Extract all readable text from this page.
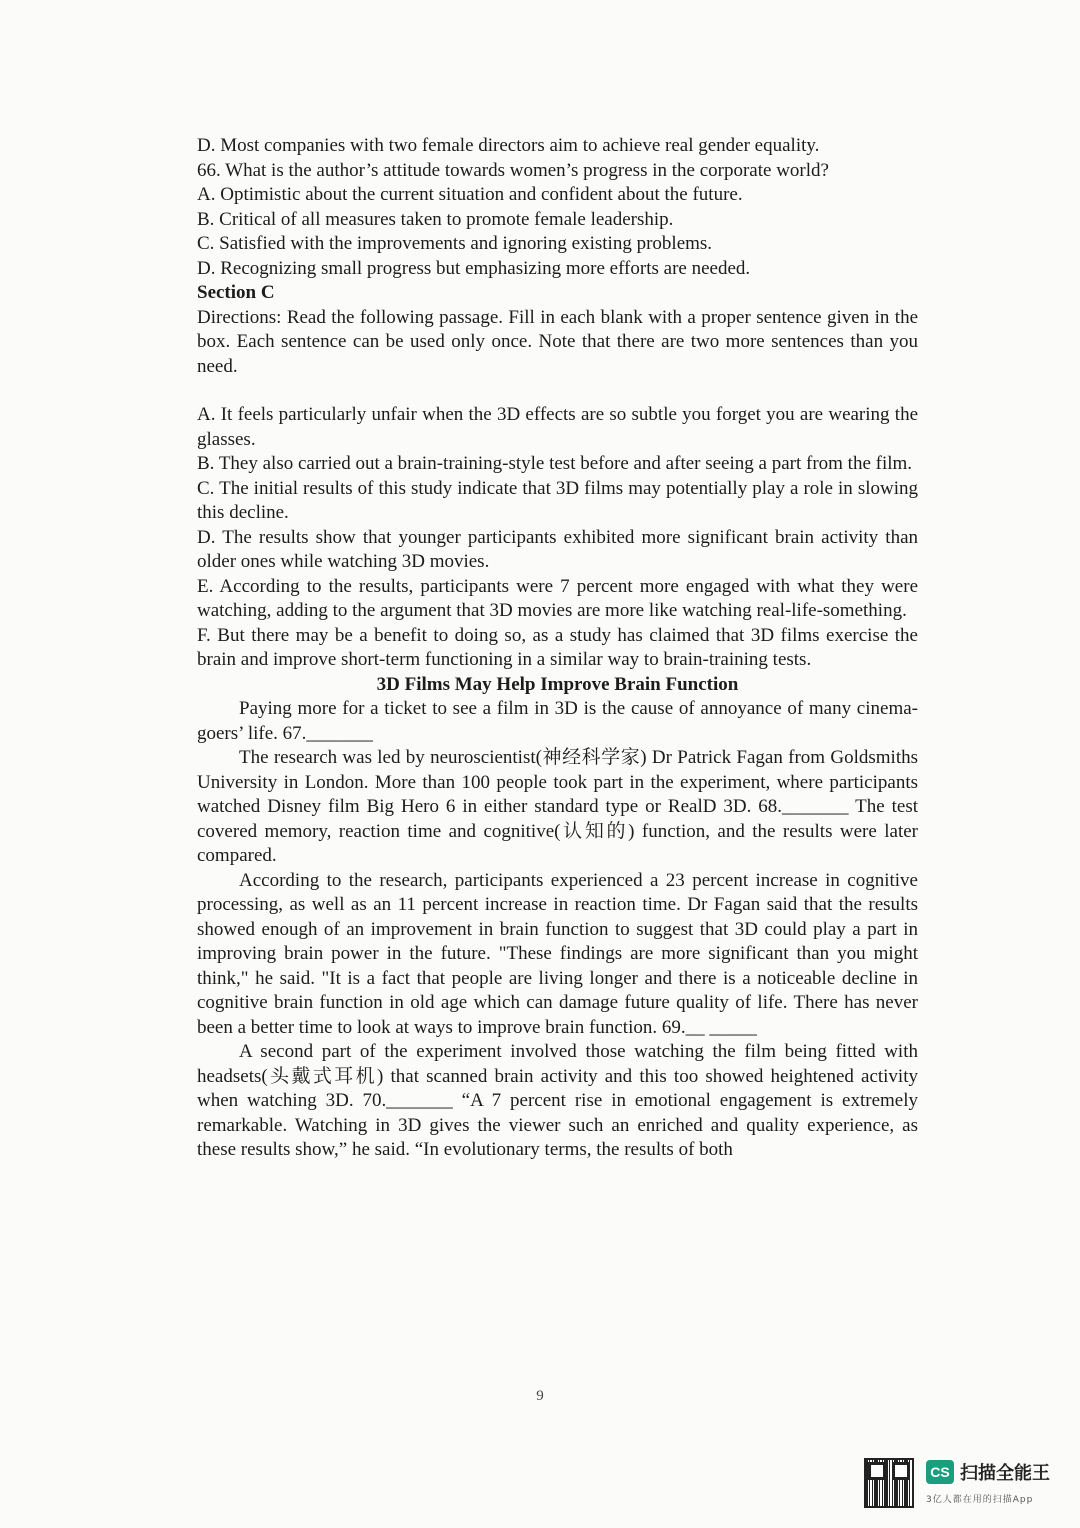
D. Most companies with two female directors aim to achieve real gender equality.

66. What is the author’s attitude towards women’s progress in the corporate world?

A. Optimistic about the current situation and confident about the future.

B. Critical of all measures taken to promote female leadership.

C. Satisfied with the improvements and ignoring existing problems.

D. Recognizing small progress but emphasizing more efforts are needed.

Section C

Directions: Read the following passage. Fill in each blank with a proper sentence given in the box. Each sentence can be used only once. Note that there are two more sentences than you need.

A. It feels particularly unfair when the 3D effects are so subtle you forget you are wearing the glasses.

B. They also carried out a brain-training-style test before and after seeing a part from the film.

C. The initial results of this study indicate that 3D films may potentially play a role in slowing this decline.

D. The results show that younger participants exhibited more significant brain activity than older ones while watching 3D movies.

E. According to the results, participants were 7 percent more engaged with what they were watching, adding to the argument that 3D movies are more like watching real-life-something.

F. But there may be a benefit to doing so, as a study has claimed that 3D films exercise the brain and improve short-term functioning in a similar way to brain-training tests.

3D Films May Help Improve Brain Function

Paying more for a ticket to see a film in 3D is the cause of annoyance of many cinema-goers’ life. 67._______

The research was led by neuroscientist(神经科学家) Dr Patrick Fagan from Goldsmiths University in London. More than 100 people took part in the experiment, where participants watched Disney film Big Hero 6 in either standard type or RealD 3D. 68._______ The test covered memory, reaction time and cognitive(认知的) function, and the results were later compared.

According to the research, participants experienced a 23 percent increase in cognitive processing, as well as an 11 percent increase in reaction time. Dr Fagan said that the results showed enough of an improvement in brain function to suggest that 3D could play a part in improving brain power in the future. "These findings are more significant than you might think," he said. "It is a fact that people are living longer and there is a noticeable decline in cognitive brain function in old age which can damage future quality of life. There has never been a better time to look at ways to improve brain function. 69.__ _____

A second part of the experiment involved those watching the film being fitted with headsets(头戴式耳机) that scanned brain activity and this too showed heightened activity when watching 3D. 70._______ “A 7 percent rise in emotional engagement is extremely remarkable. Watching in 3D gives the viewer such an enriched and quality experience, as these results show,” he said. “In evolutionary terms, the results of both

9
CS 扫描全能王
3亿人都在用的扫描App
